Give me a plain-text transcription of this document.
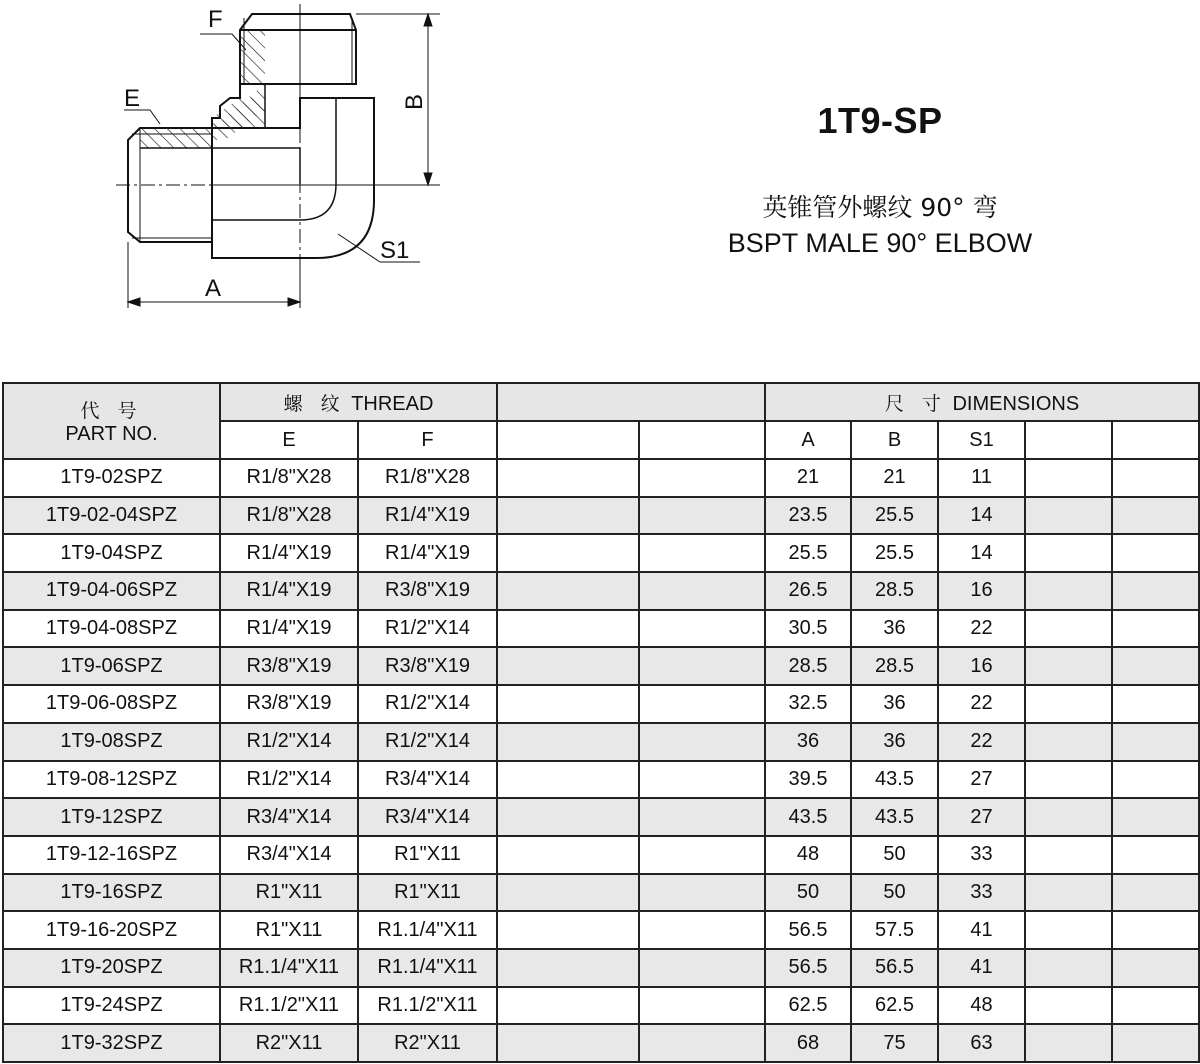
F
E	B
S1
A
1T9-SP
英锥管外螺纹 90° 弯
BSPT MALE 90° ELBOW
代 号
PART NO.	螺 纹 THREAD				尺 寸 DIMENSIONS				
	E	F			A	B	S1		
1T9-02SPZ	R1/8"X28	R1/8"X28			21	21	11		
1T9-02-04SPZ	R1/8"X28	R1/4"X19			23.5	25.5	14		
1T9-04SPZ	R1/4"X19	R1/4"X19			25.5	25.5	14		
1T9-04-06SPZ	R1/4"X19	R3/8"X19			26.5	28.5	16		
1T9-04-08SPZ	R1/4"X19	R1/2"X14			30.5	36	22		
1T9-06SPZ	R3/8"X19	R3/8"X19			28.5	28.5	16		
1T9-06-08SPZ	R3/8"X19	R1/2"X14			32.5	36	22		
1T9-08SPZ	R1/2"X14	R1/2"X14			36	36	22		
1T9-08-12SPZ	R1/2"X14	R3/4"X14			39.5	43.5	27		
1T9-12SPZ	R3/4"X14	R3/4"X14			43.5	43.5	27		
1T9-12-16SPZ	R3/4"X14	R1"X11			48	50	33		
1T9-16SPZ	R1"X11	R1"X11			50	50	33		
1T9-16-20SPZ	R1"X11	R1.1/4"X11			56.5	57.5	41		
1T9-20SPZ	R1.1/4"X11	R1.1/4"X11			56.5	56.5	41		
1T9-24SPZ	R1.1/2"X11	R1.1/2"X11			62.5	62.5	48		
1T9-32SPZ	R2"X11	R2"X11			68	75	63		
